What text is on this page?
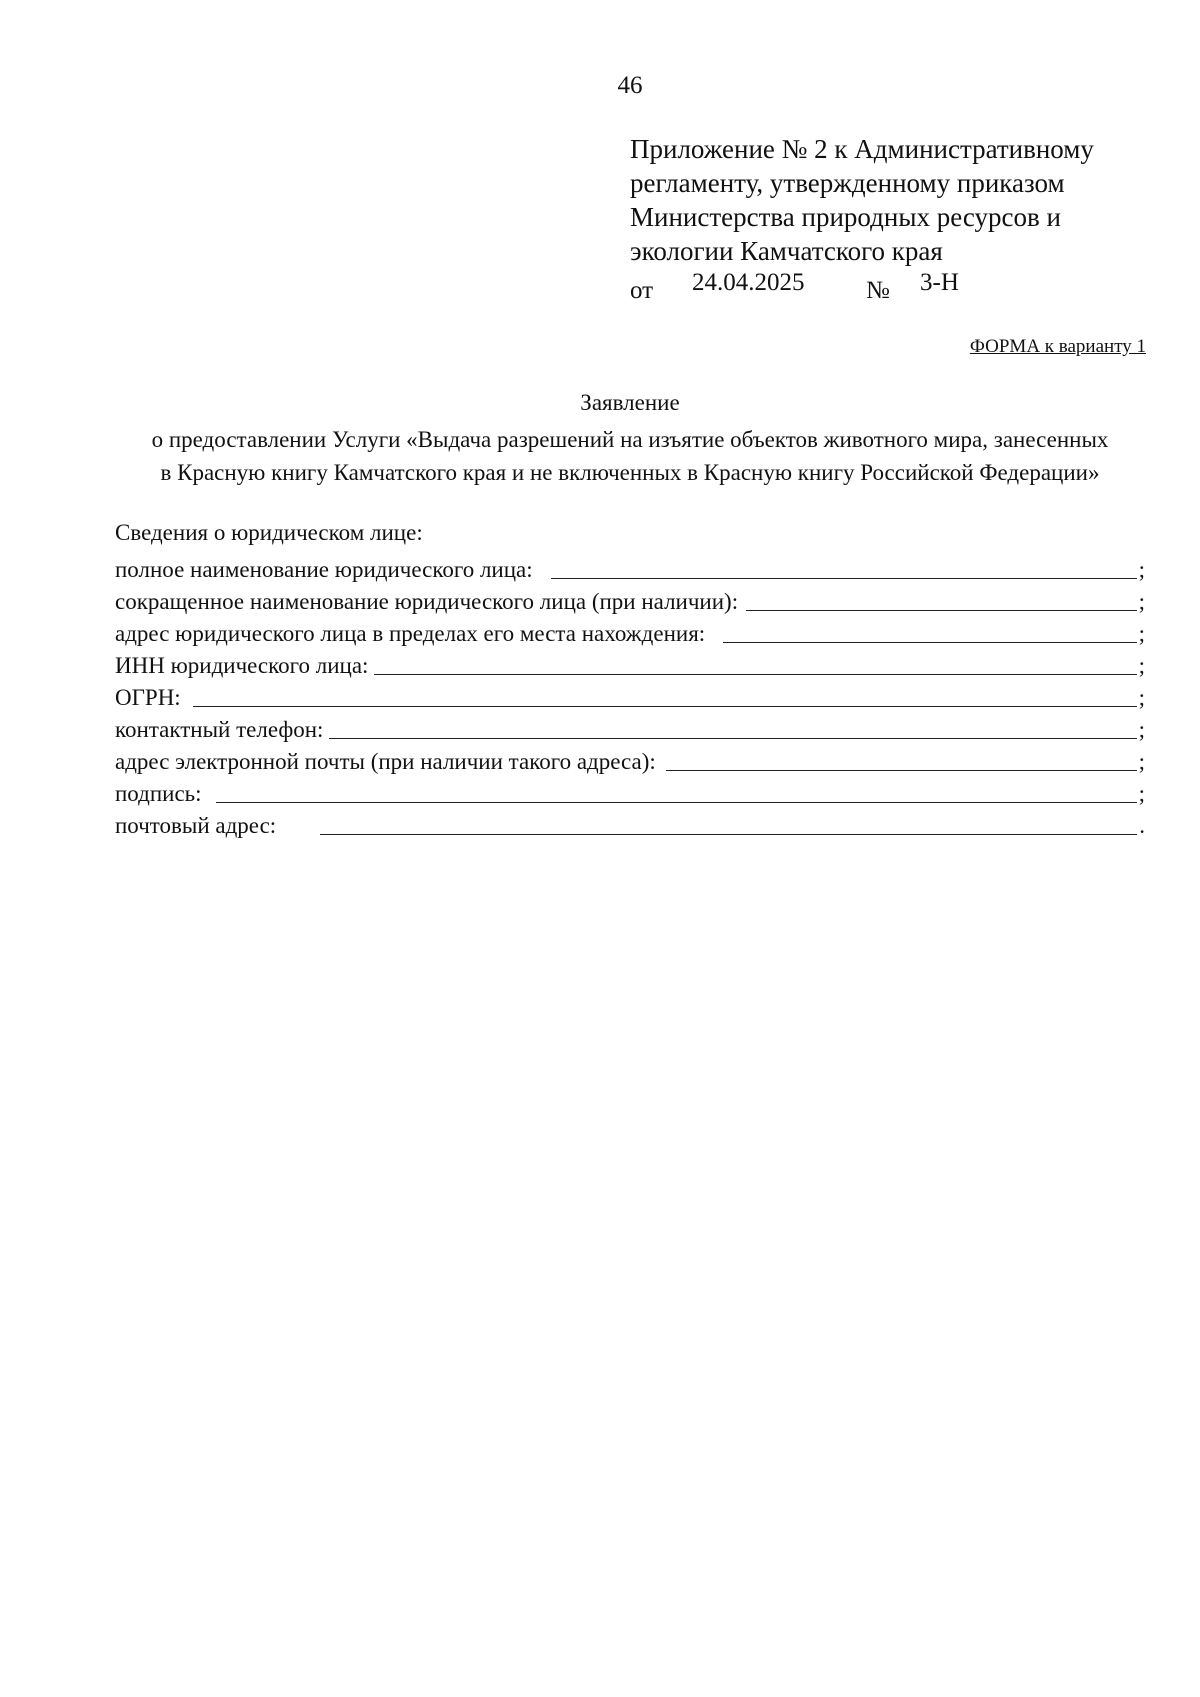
46
Приложение № 2 к Административному
регламенту, утвержденному приказом
Министерства природных ресурсов и
экологии Камчатского края
от 24.04.2025 № 3-Н
ФОРМА к варианту 1
Заявление
о предоставлении Услуги «Выдача разрешений на изъятие объектов животного мира, занесенных
в Красную книгу Камчатского края и не включенных в Красную книгу Российской Федерации»
Сведения о юридическом лице:
полное наименование юридического лица:	;
сокращенное наименование юридического лица (при наличии):	;
адрес юридического лица в пределах его места нахождения:	;
ИНН юридического лица:	;
ОГРН:	;
контактный телефон:	;
адрес электронной почты (при наличии такого адреса):	;
подпись:	;
почтовый адрес:	.
